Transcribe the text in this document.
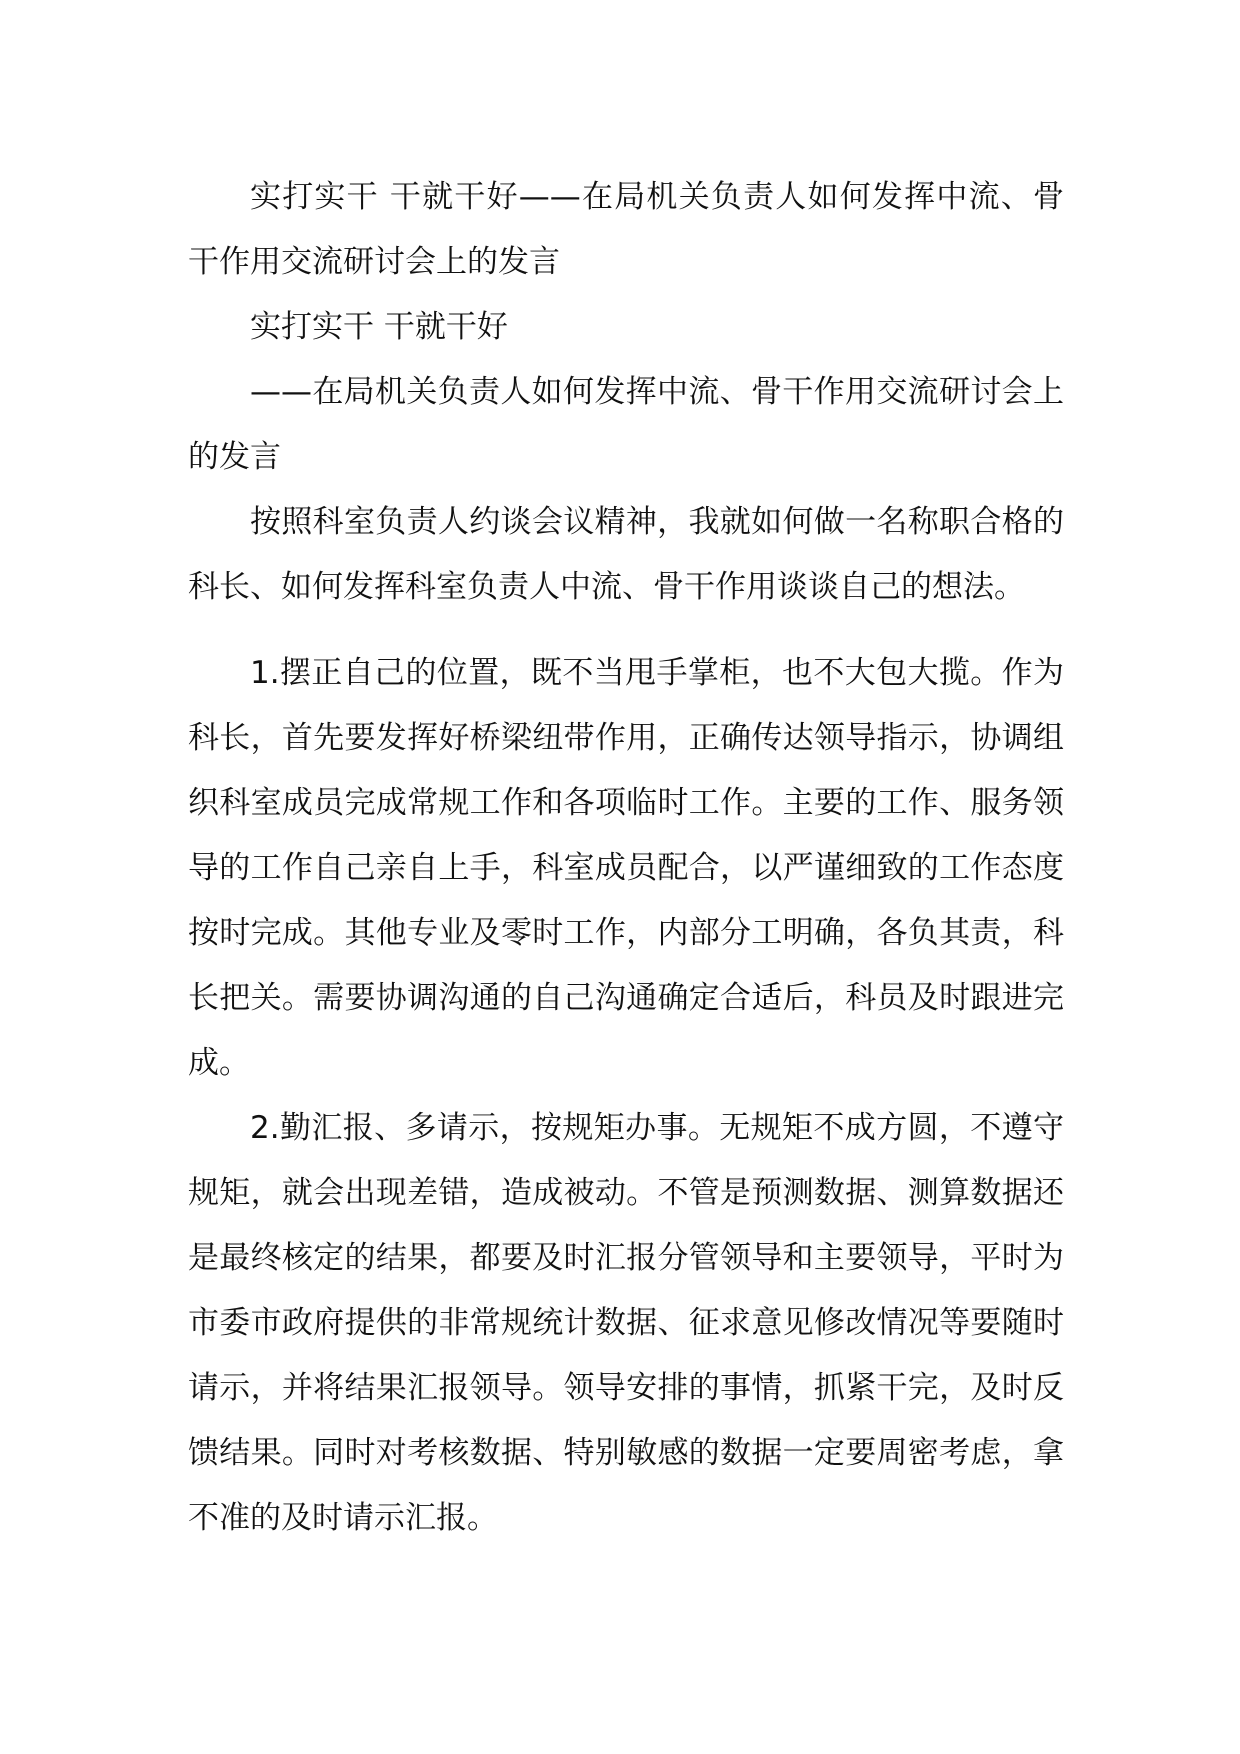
实打实干 干就干好——在局机关负责人如何发挥中流、骨干作用交流研讨会上的发言

实打实干 干就干好

——在局机关负责人如何发挥中流、骨干作用交流研讨会上的发言

按照科室负责人约谈会议精神，我就如何做一名称职合格的科长、如何发挥科室负责人中流、骨干作用谈谈自己的想法。

1.摆正自己的位置，既不当甩手掌柜，也不大包大揽。作为科长，首先要发挥好桥梁纽带作用，正确传达领导指示，协调组织科室成员完成常规工作和各项临时工作。主要的工作、服务领导的工作自己亲自上手，科室成员配合，以严谨细致的工作态度按时完成。其他专业及零时工作，内部分工明确，各负其责，科长把关。需要协调沟通的自己沟通确定合适后，科员及时跟进完成。

2.勤汇报、多请示，按规矩办事。无规矩不成方圆，不遵守规矩，就会出现差错，造成被动。不管是预测数据、测算数据还是最终核定的结果，都要及时汇报分管领导和主要领导，平时为市委市政府提供的非常规统计数据、征求意见修改情况等要随时请示，并将结果汇报领导。领导安排的事情，抓紧干完，及时反馈结果。同时对考核数据、特别敏感的数据一定要周密考虑，拿不准的及时请示汇报。
